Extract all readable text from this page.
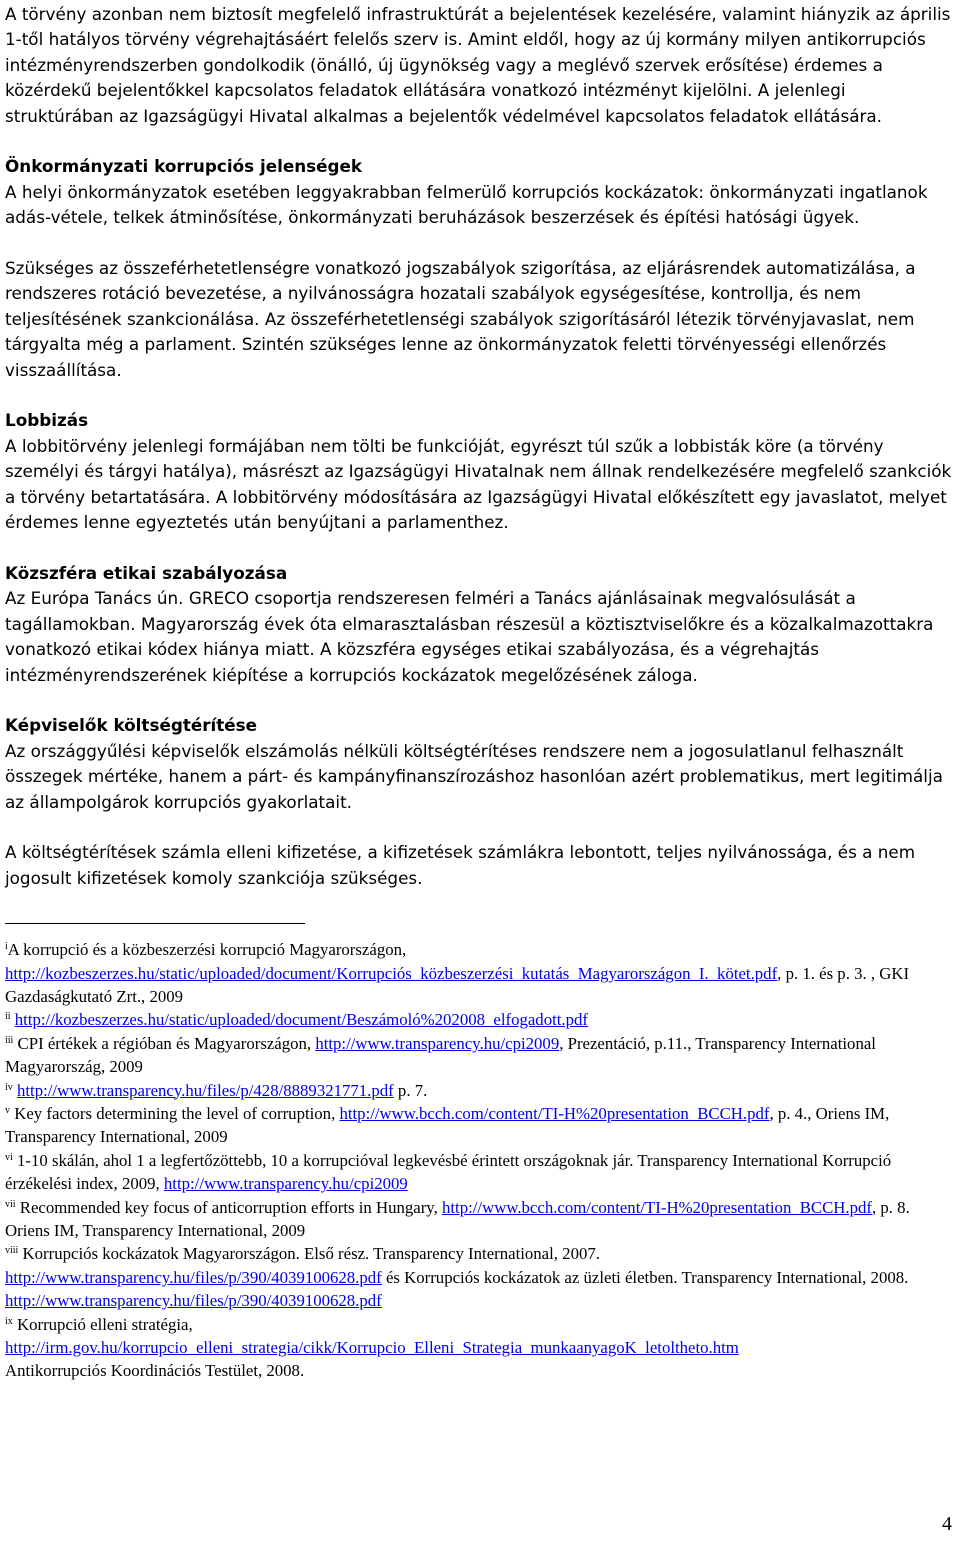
A törvény azonban nem biztosít megfelelő infrastruktúrát a bejelentések kezelésére, valamint hiányzik az április 1-től hatályos törvény végrehajtásáért felelős szerv is. Amint eldől, hogy az új kormány milyen antikorrupciós intézményrendszerben gondolkodik (önálló, új ügynökség vagy a meglévő szervek erősítése) érdemes a közérdekű bejelentőkkel kapcsolatos feladatok ellátására vonatkozó intézményt kijelölni. A jelenlegi struktúrában az Igazságügyi Hivatal alkalmas a bejelentők védelmével kapcsolatos feladatok ellátására.

Önkormányzati korrupciós jelenségek

A helyi önkormányzatok esetében leggyakrabban felmerülő korrupciós kockázatok: önkormányzati ingatlanok adás-vétele, telkek átminősítése, önkormányzati beruházások beszerzések és építési hatósági ügyek.

Szükséges az összeférhetetlenségre vonatkozó jogszabályok szigorítása, az eljárásrendek automatizálása, a rendszeres rotáció bevezetése, a nyilvánosságra hozatali szabályok egységesítése, kontrollja, és nem teljesítésének szankcionálása. Az összeférhetetlenségi szabályok szigorításáról létezik törvényjavaslat, nem tárgyalta még a parlament. Szintén szükséges lenne az önkormányzatok feletti törvényességi ellenőrzés visszaállítása.

Lobbizás

A lobbitörvény jelenlegi formájában nem tölti be funkcióját, egyrészt túl szűk a lobbisták köre (a törvény személyi és tárgyi hatálya), másrészt az Igazságügyi Hivatalnak nem állnak rendelkezésére megfelelő szankciók a törvény betartatására. A lobbitörvény módosítására az Igazságügyi Hivatal előkészített egy javaslatot, melyet érdemes lenne egyeztetés után benyújtani a parlamenthez.

Közszféra etikai szabályozása

Az Európa Tanács ún. GRECO csoportja rendszeresen felméri a Tanács ajánlásainak megvalósulását a tagállamokban. Magyarország évek óta elmarasztalásban részesül a köztisztviselőkre és a közalkalmazottakra vonatkozó etikai kódex hiánya miatt. A közszféra egységes etikai szabályozása, és a végrehajtás intézményrendszerének kiépítése a korrupciós kockázatok megelőzésének záloga.

Képviselők költségtérítése

Az országgyűlési képviselők elszámolás nélküli költségtérítéses rendszere nem a jogosulatlanul felhasznált összegek mértéke, hanem a párt- és kampányfinanszírozáshoz hasonlóan azért problematikus, mert legitimálja az állampolgárok korrupciós gyakorlatait.

A költségtérítések számla elleni kifizetése, a kifizetések számlákra lebontott, teljes nyilvánossága, és a nem jogosult kifizetések komoly szankciója szükséges.

$^i$A korrupció és a közbeszerzési korrupció Magyarországon,
http://kozbeszerzes.hu/static/uploaded/document/Korrupciós_közbeszerzési_kutatás_Magyarországon_I._kötet.pdf, p. 1. és p. 3. , GKI Gazdaságkutató Zrt., 2009

$^{ii}$ http://kozbeszerzes.hu/static/uploaded/document/Beszámoló%202008_elfogadott.pdf

$^{iii}$ CPI értékek a régióban és Magyarországon, http://www.transparency.hu/cpi2009, Prezentáció, p.11., Transparency International Magyarország, 2009

$^{iv}$ http://www.transparency.hu/files/p/428/8889321771.pdf p. 7.

$^v$ Key factors determining the level of corruption, http://www.bcch.com/content/TI-H%20presentation_BCCH.pdf, p. 4., Oriens IM, Transparency International, 2009

$^{vi}$ 1-10 skálán, ahol 1 a legfertőzöttebb, 10 a korrupcióval legkevésbé érintett országoknak jár. Transparency International Korrupció érzékelési index, 2009, http://www.transparency.hu/cpi2009

$^{vii}$ Recommended key focus of anticorruption efforts in Hungary, http://www.bcch.com/content/TI-H%20presentation_BCCH.pdf, p. 8. Oriens IM, Transparency International, 2009

$^{viii}$ Korrupciós kockázatok Magyarországon. Első rész. Transparency International, 2007. http://www.transparency.hu/files/p/390/4039100628.pdf és Korrupciós kockázatok az üzleti életben. Transparency International, 2008. http://www.transparency.hu/files/p/390/4039100628.pdf

$^{ix}$ Korrupció elleni stratégia,
http://irm.gov.hu/korrupcio_elleni_strategia/cikk/Korrupcio_Elleni_Strategia_munkaanyagoK_letoltheto.htm
Antikorrupciós Koordinációs Testület, 2008.

4
